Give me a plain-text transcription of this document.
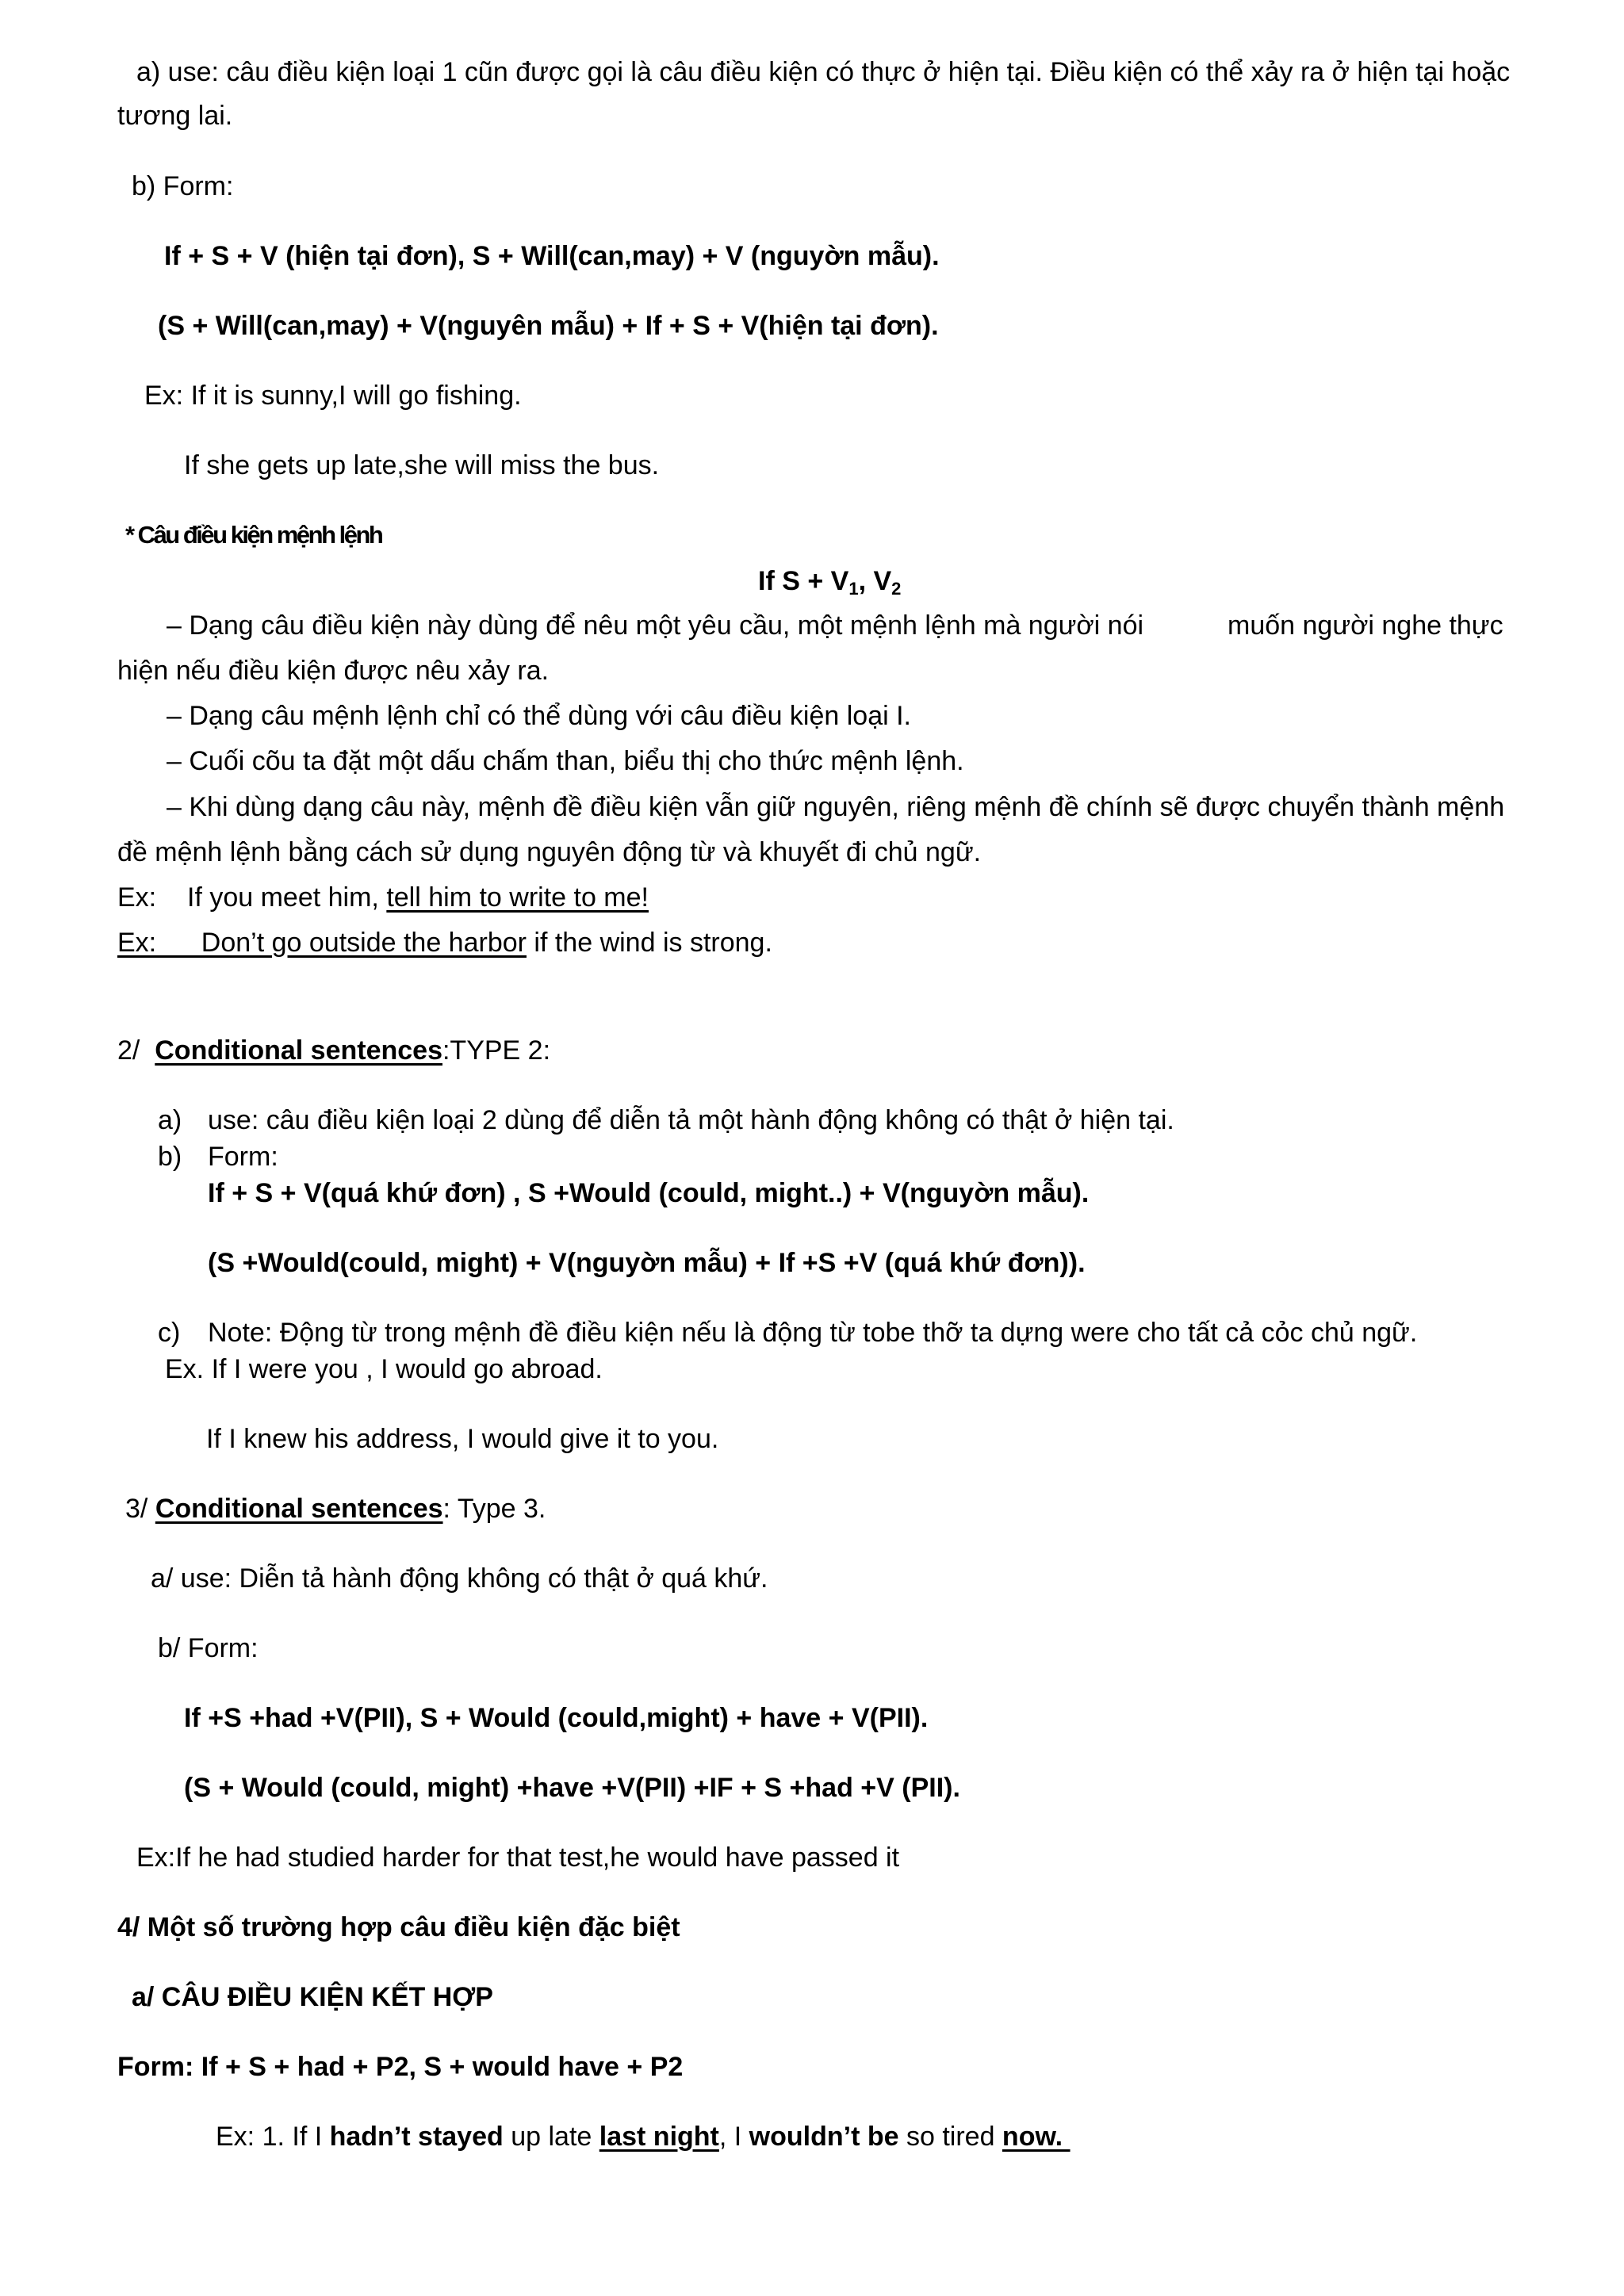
a) use: câu điều kiện loại 1 cũn được gọi là câu điều kiện có thực ở hiện tại. Điều kiện có thể xảy ra ở hiện tại hoặc
tương lai.
b) Form:
If + S + V (hiện tại đơn), S + Will(can,may) + V (nguyờn mẫu).
(S + Will(can,may) + V(nguyên mẫu) + If + S + V(hiện tại đơn).
Ex: If it is sunny,I will go fishing.
If she gets up late,she will miss the bus.
* Câu điều kiện mệnh lệnh
If $S + V_1$, $V_2$
– Dạng câu điều kiện này dùng để nêu một yêu cầu, một mệnh lệnh mà người nói	muốn người nghe thực
hiện nếu điều kiện được nêu xảy ra.
– Dạng câu mệnh lệnh chỉ có thể dùng với câu điều kiện loại I.
– Cuối cõu ta đặt một dấu chấm than, biểu thị cho thức mệnh lệnh.
– Khi dùng dạng câu này, mệnh đề điều kiện vẫn giữ nguyên, riêng mệnh đề chính sẽ được chuyển thành mệnh
đề mệnh lệnh bằng cách sử dụng nguyên động từ và khuyết đi chủ ngữ.
Ex: If you meet him, tell him to write to me!
Ex:      Don’t go outside the harbor if the wind is strong.
2/  Conditional sentences:TYPE 2:
a) use: câu điều kiện loại 2 dùng để diễn tả một hành động không có thật ở hiện tại.
b) Form:
If + S + V(quá khứ đơn) , S +Would (could, might..) + V(nguyờn mẫu).
(S +Would(could, might) + V(nguyờn mẫu) + If +S +V (quá khứ đơn)).
c) Note: Động từ trong mệnh đề điều kiện nếu là động từ tobe thỡ ta dựng were cho tất cả cỏc chủ ngữ.
Ex. If I were you , I would go abroad.
If I knew his address, I would give it to you.
3/ Conditional sentences: Type 3.
a/ use: Diễn tả hành động không có thật ở quá khứ.
b/ Form:
If +S +had +V(PII), S + Would (could,might) + have + V(PII).
(S + Would (could, might) +have +V(PII) +IF + S +had +V (PII).
Ex:If he had studied harder for that test,he would have passed it
4/ Một số trường hợp câu điều kiện đặc biệt
a/ CÂU ĐIỀU KIỆN KẾT HỢP
Form: If + S + had + P2, S + would have + P2
Ex: 1. If I hadn’t stayed up late last night, I wouldn’t be so tired now.
